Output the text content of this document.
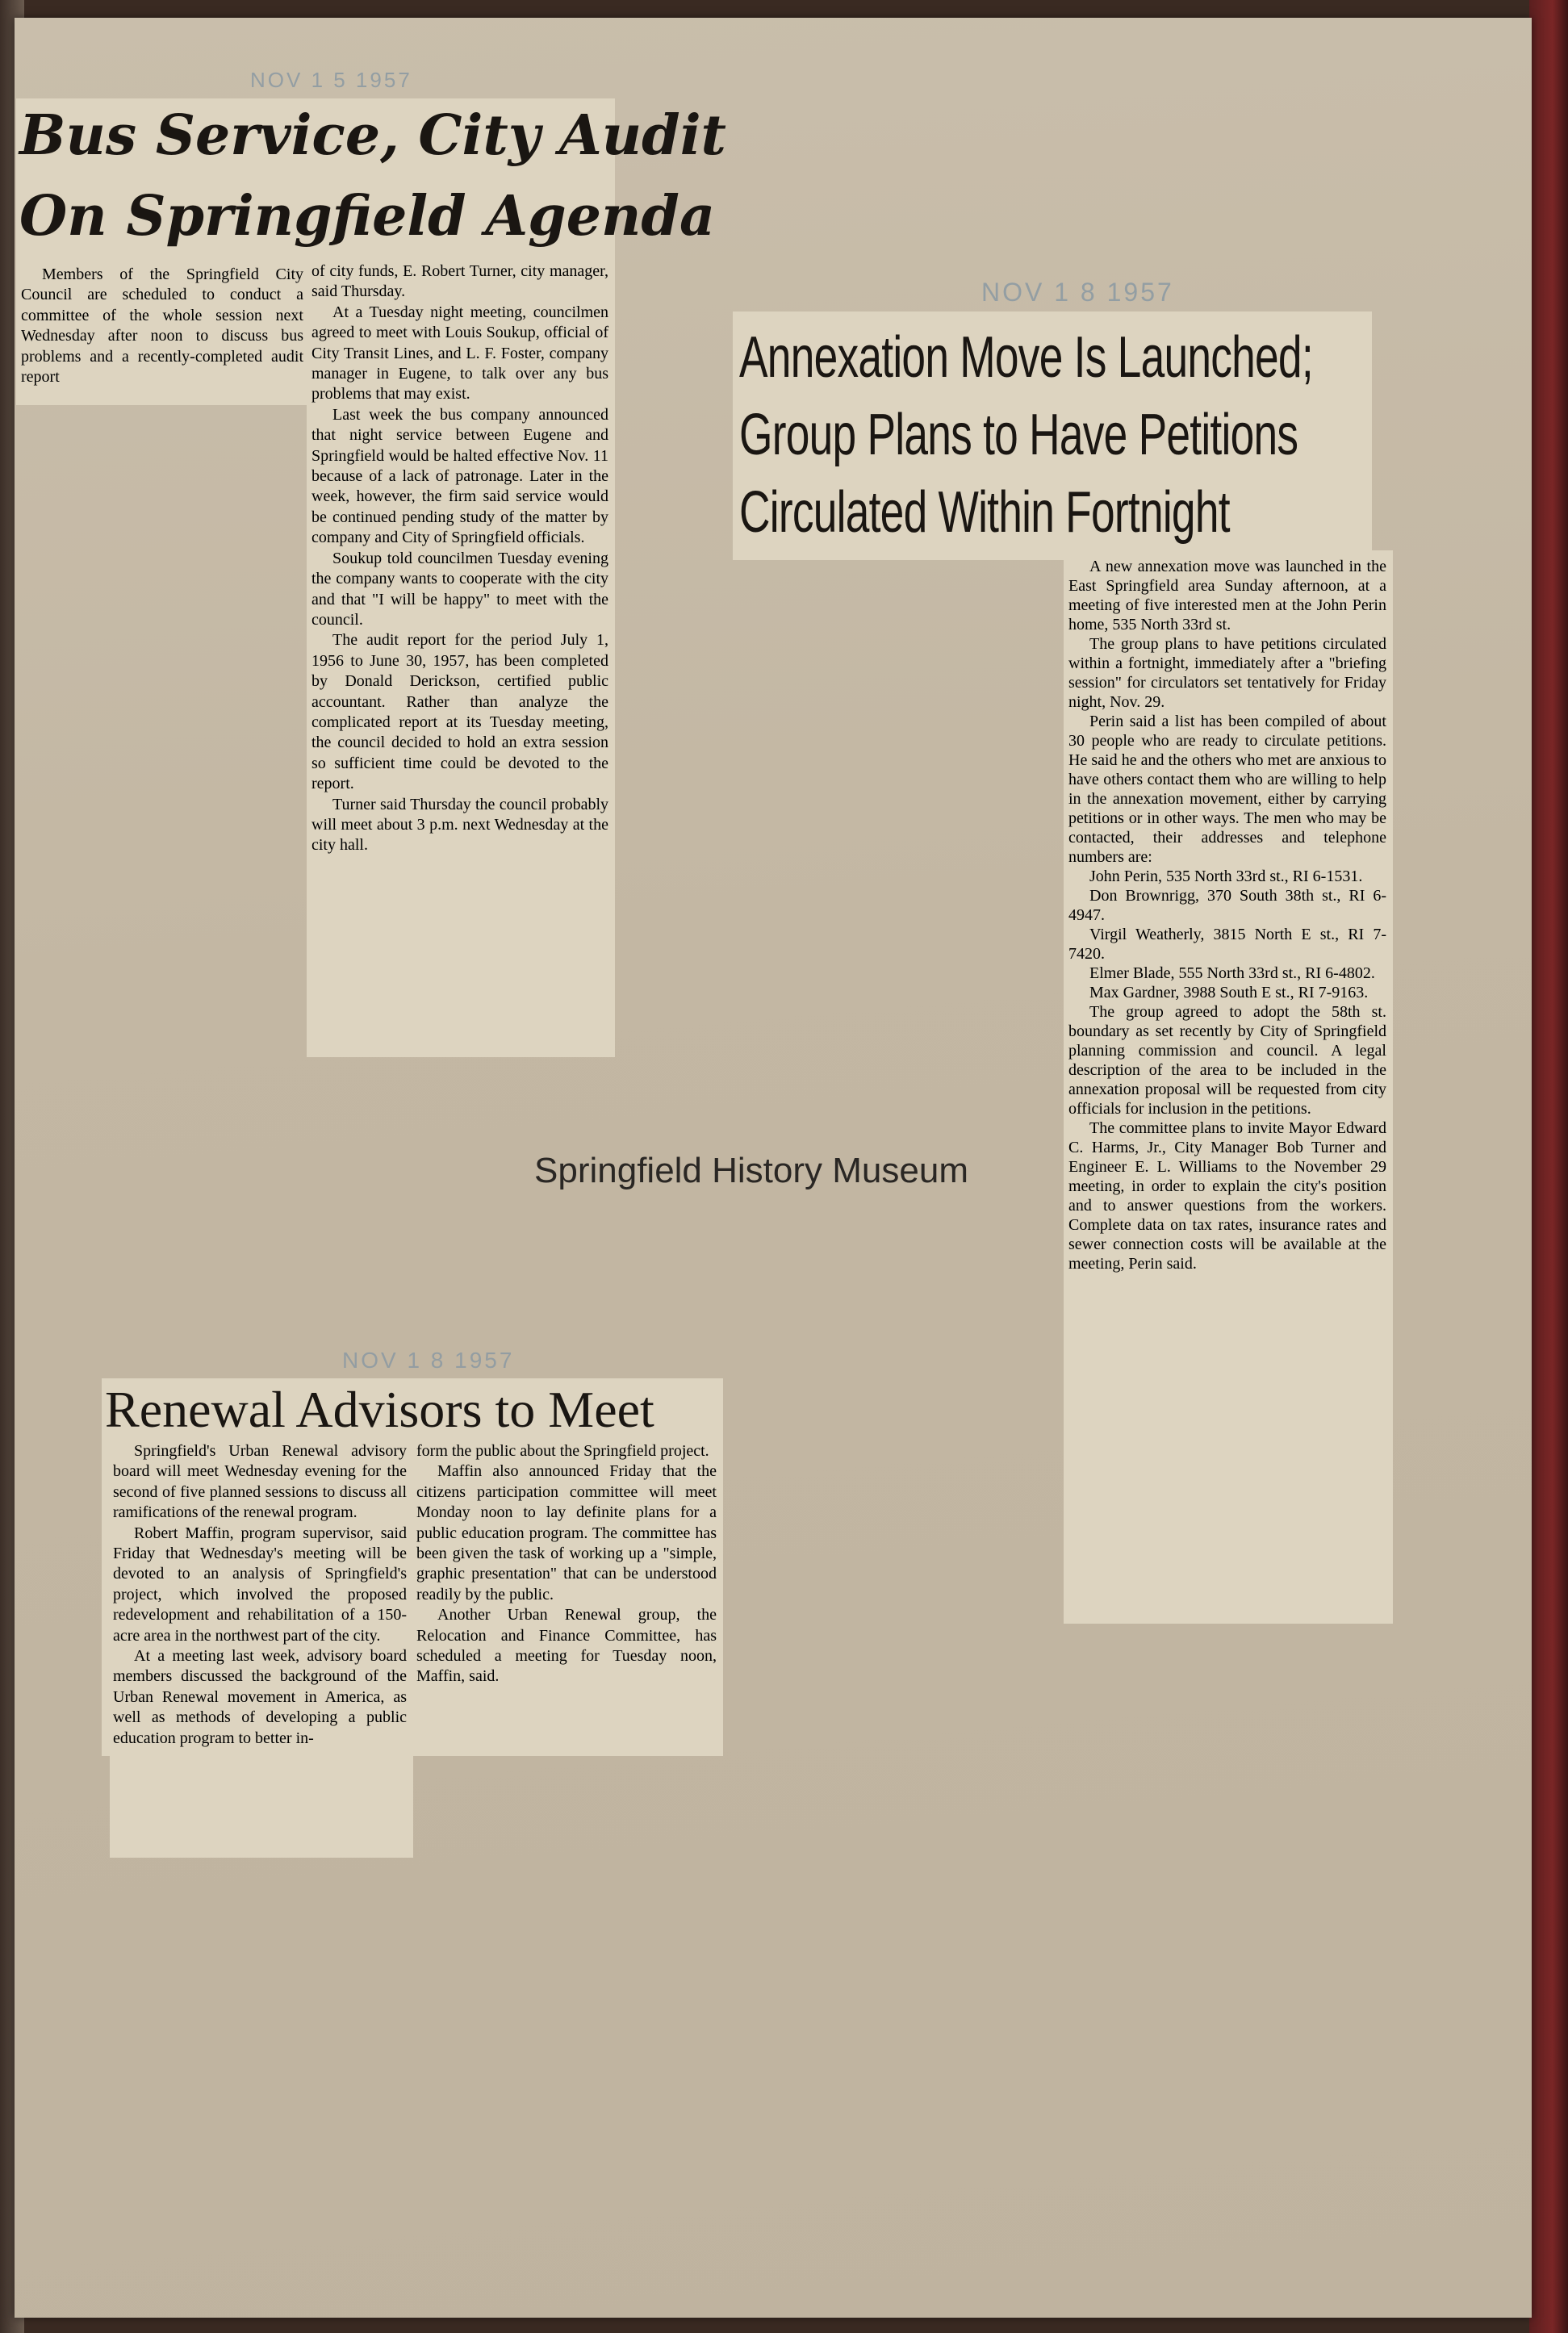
NOV 1 5 1957
Bus Service, City Audit
On Springfield Agenda

Members of the Springfield City Council are scheduled to conduct a committee of the whole session next Wednesday after noon to discuss bus problems and a recently-completed audit report

of city funds, E. Robert Turner, city manager, said Thursday.

At a Tuesday night meeting, councilmen agreed to meet with Louis Soukup, official of City Transit Lines, and L. F. Foster, company manager in Eugene, to talk over any bus problems that may exist.

Last week the bus company announced that night service between Eugene and Springfield would be halted effective Nov. 11 because of a lack of patronage. Later in the week, however, the firm said service would be continued pending study of the matter by company and City of Springfield officials.

Soukup told councilmen Tuesday evening the company wants to cooperate with the city and that "I will be happy" to meet with the council.

The audit report for the period July 1, 1956 to June 30, 1957, has been completed by Donald Derickson, certified public accountant. Rather than analyze the complicated report at its Tuesday meeting, the council decided to hold an extra session so sufficient time could be devoted to the report.

Turner said Thursday the council probably will meet about 3 p.m. next Wednesday at the city hall.

NOV 1 8 1957
Annexation Move Is Launched;
Group Plans to Have Petitions
Circulated Within Fortnight

A new annexation move was launched in the East Springfield area Sunday afternoon, at a meeting of five interested men at the John Perin home, 535 North 33rd st.

The group plans to have petitions circulated within a fortnight, immediately after a "briefing session" for circulators set tentatively for Friday night, Nov. 29.

Perin said a list has been compiled of about 30 people who are ready to circulate petitions. He said he and the others who met are anxious to have others contact them who are willing to help in the annexation movement, either by carrying petitions or in other ways. The men who may be contacted, their addresses and telephone numbers are:

John Perin, 535 North 33rd st., RI 6-1531.

Don Brownrigg, 370 South 38th st., RI 6-4947.

Virgil Weatherly, 3815 North E st., RI 7-7420.

Elmer Blade, 555 North 33rd st., RI 6-4802.

Max Gardner, 3988 South E st., RI 7-9163.

The group agreed to adopt the 58th st. boundary as set recently by City of Springfield planning commission and council. A legal description of the area to be included in the annexation proposal will be requested from city officials for inclusion in the petitions.

The committee plans to invite Mayor Edward C. Harms, Jr., City Manager Bob Turner and Engineer E. L. Williams to the November 29 meeting, in order to explain the city's position and to answer questions from the workers. Complete data on tax rates, insurance rates and sewer connection costs will be available at the meeting, Perin said.

Springfield History Museum
NOV 1 8 1957
Renewal Advisors to Meet

Springfield's Urban Renewal advisory board will meet Wednesday evening for the second of five planned sessions to discuss all ramifications of the renewal program.

Robert Maffin, program supervisor, said Friday that Wednesday's meeting will be devoted to an analysis of Springfield's project, which involved the proposed redevelopment and rehabilitation of a 150-acre area in the northwest part of the city.

At a meeting last week, advisory board members discussed the background of the Urban Renewal movement in America, as well as methods of developing a public education program to better in-

form the public about the Springfield project.

Maffin also announced Friday that the citizens participation committee will meet Monday noon to lay definite plans for a public education program. The committee has been given the task of working up a "simple, graphic presentation" that can be understood readily by the public.

Another Urban Renewal group, the Relocation and Finance Committee, has scheduled a meeting for Tuesday noon, Maffin, said.
